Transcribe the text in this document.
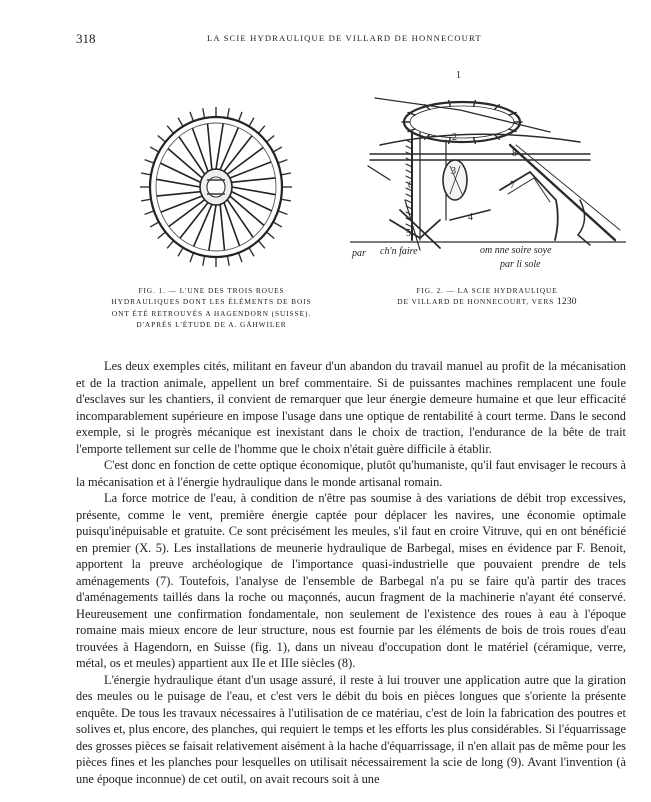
318	LA SCIE HYDRAULIQUE DE VILLARD DE HONNECOURT
1
2
3
4
5
6	7
8
par ch'n faire	om nne soire soye
par li sole
FIG. 1. — L'UNE DES TROIS ROUES HYDRAULIQUES DONT LES ÉLÉMENTS DE BOIS ONT ÉTÉ RETROUVÉS A HAGENDORN (SUISSE). D'APRÈS L'ÉTUDE DE A. GÄHWILER
FIG. 2. — LA SCIE HYDRAULIQUE
DE VILLARD DE HONNECOURT, VERS 1230

Les deux exemples cités, militant en faveur d'un abandon du travail manuel au profit de la mécanisation et de la traction animale, appellent un bref commentaire. Si de puissantes machines remplacent une foule d'esclaves sur les chantiers, il convient de remarquer que leur énergie demeure humaine et que leur efficacité incomparablement supérieure en impose l'usage dans une optique de rentabilité à court terme. Dans le second exemple, si le progrès mécanique est inexistant dans le choix de traction, l'endurance de la bête de trait l'emporte tellement sur celle de l'homme que le choix n'était guère difficile à établir.

C'est donc en fonction de cette optique économique, plutôt qu'humaniste, qu'il faut envisager le recours à la mécanisation et à l'énergie hydraulique dans le monde artisanal romain.

La force motrice de l'eau, à condition de n'être pas soumise à des variations de débit trop excessives, présente, comme le vent, première énergie captée pour déplacer les navires, une économie optimale puisqu'inépuisable et gratuite. Ce sont précisément les meules, s'il faut en croire Vitruve, qui en ont bénéficié en premier (X. 5). Les installations de meunerie hydraulique de Barbegal, mises en évidence par F. Benoit, apportent la preuve archéologique de l'importance quasi-industrielle que pouvaient prendre de tels aménagements (7). Toutefois, l'analyse de l'ensemble de Barbegal n'a pu se faire qu'à partir des traces d'aménagements taillés dans la roche ou maçonnés, aucun fragment de la machinerie n'ayant été conservé. Heureusement une confirmation fondamentale, non seulement de l'existence des roues à eau à l'époque romaine mais mieux encore de leur structure, nous est fournie par les éléments de bois de trois roues d'eau trouvées à Hagendorn, en Suisse (fig. 1), dans un niveau d'occupation dont le matériel (céramique, verre, métal, os et meules) appartient aux IIe et IIIe siècles (8).

L'énergie hydraulique étant d'un usage assuré, il reste à lui trouver une application autre que la giration des meules ou le puisage de l'eau, et c'est vers le débit du bois en pièces longues que s'oriente la présente enquête. De tous les travaux nécessaires à l'utilisation de ce matériau, c'est de loin la fabrication des poutres et solives et, plus encore, des planches, qui requiert le temps et les efforts les plus considérables. Si l'équarrissage des grosses pièces se faisait relativement aisément à la hache d'équarrissage, il n'en allait pas de même pour les pièces fines et les planches pour lesquelles on utilisait nécessairement la scie de long (9). Avant l'invention (à une époque inconnue) de cet outil, on avait recours soit à une
